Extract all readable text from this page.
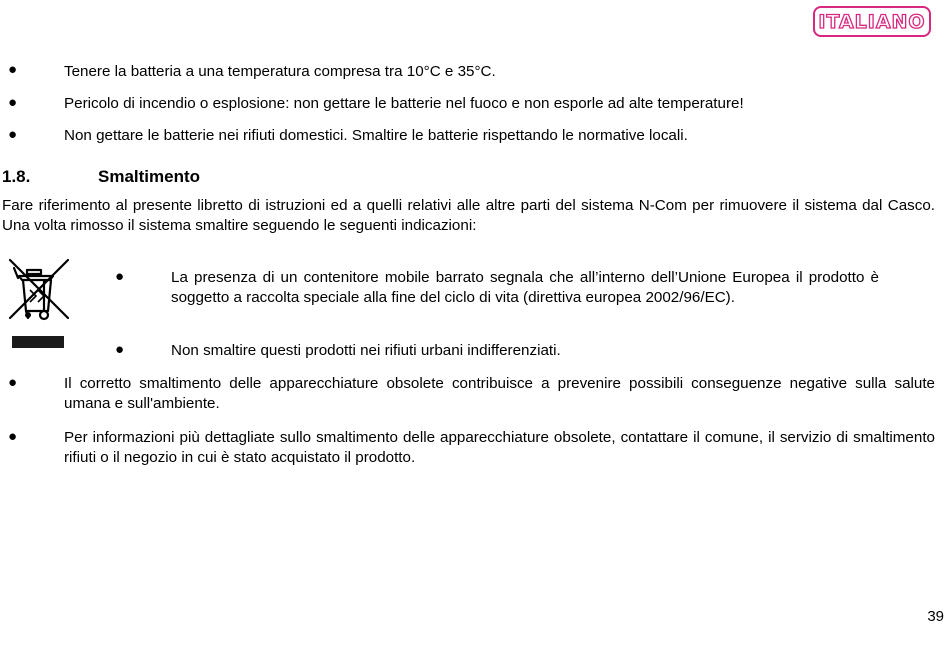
ITALIANO
●	Tenere la batteria a una temperatura compresa tra 10°C e 35°C.
●	Pericolo di incendio o esplosione: non gettare le batterie nel fuoco e non esporle ad alte temperature!
●	Non gettare le batterie nei rifiuti domestici. Smaltire le batterie rispettando le normative locali.
1.8.	Smaltimento
Fare riferimento al presente libretto di istruzioni ed a quelli relativi alle altre parti del sistema N-Com per rimuovere il sistema dal Casco. Una volta rimosso il sistema smaltire seguendo le seguenti indicazioni:
●	La presenza di un contenitore mobile barrato segnala che all’interno dell’Unione Europea il prodotto è soggetto a raccolta speciale alla fine del ciclo di vita (direttiva europea 2002/96/EC).
●	Non smaltire questi prodotti nei rifiuti urbani indifferenziati.
●	Il corretto smaltimento delle apparecchiature obsolete contribuisce a prevenire possibili conseguenze negative sulla salute umana e sull'ambiente.
●	Per informazioni più dettagliate sullo smaltimento delle apparecchiature obsolete, contattare il comune, il servizio di smaltimento rifiuti o il negozio in cui è stato acquistato il prodotto.
39
